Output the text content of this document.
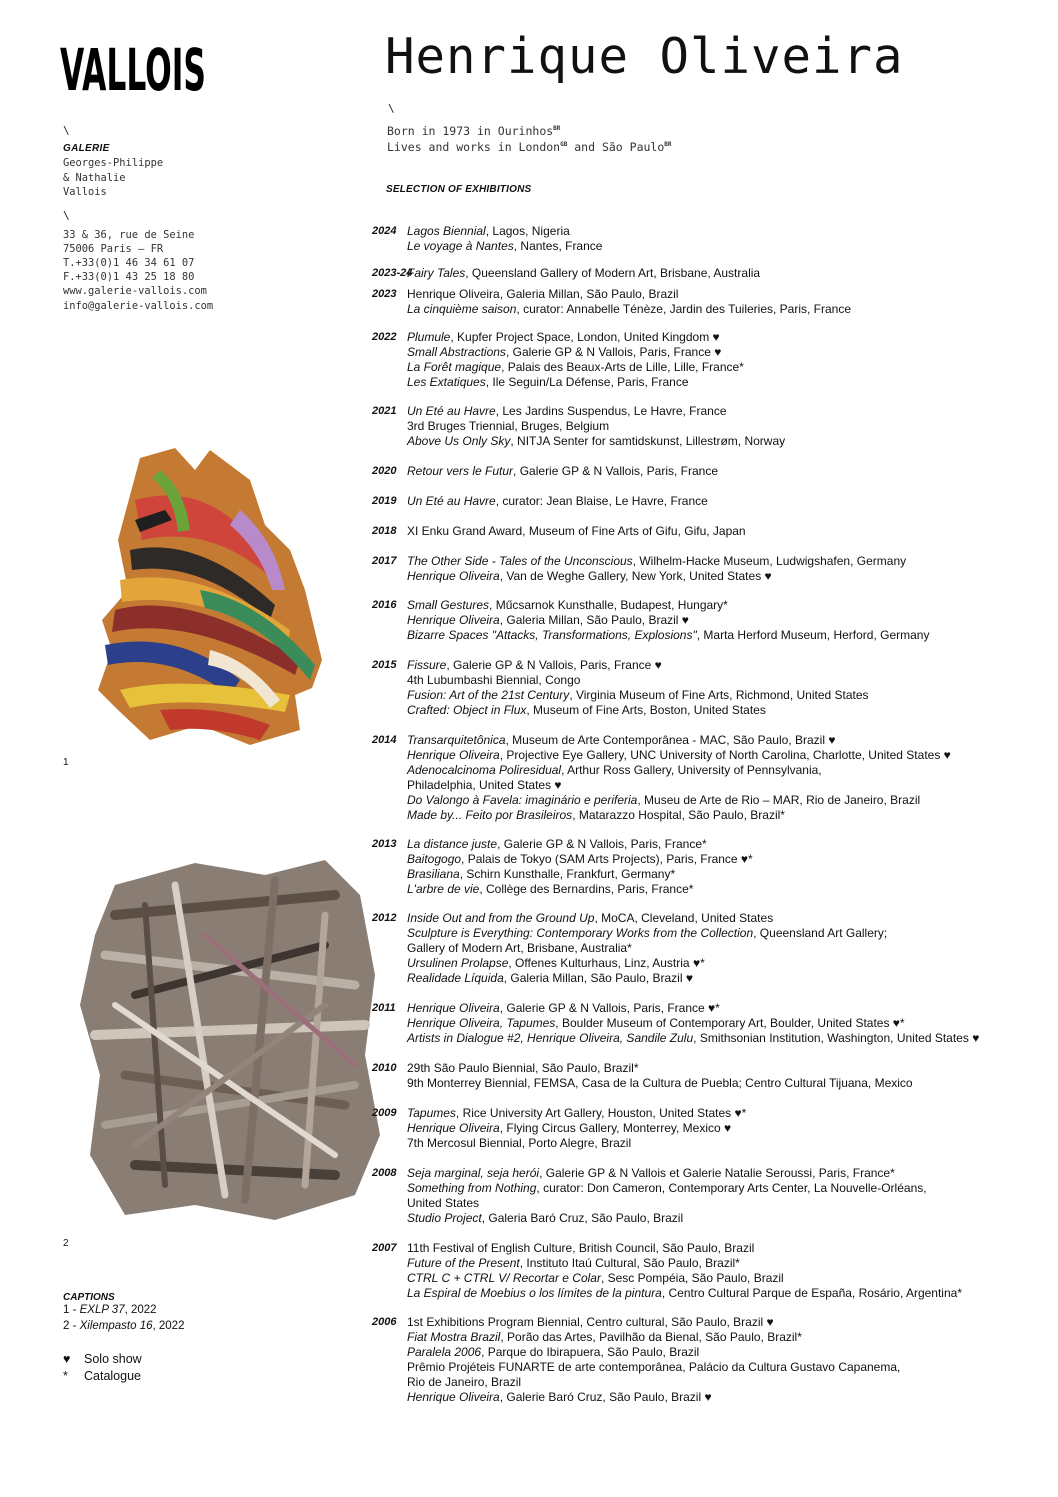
VALLOIS
\
GALERIE
Georges-Philippe
& Nathalie
Vallois
\
33 & 36, rue de Seine
75006 Paris — FR
T.+33(0)1 46 34 61 07
F.+33(0)1 43 25 18 80
www.galerie-vallois.com
info@galerie-vallois.com
1
2
CAPTIONS
1 - EXLP 37, 2022
2 - Xilempasto 16, 2022
♥ Solo show
* Catalogue
Henrique Oliveira
\
Born in 1973 in Ourinhos$^{BR}$
Lives and works in London$^{GB}$ and São Paulo$^{BR}$
SELECTION OF EXHIBITIONS
2024 Lagos Biennial, Lagos, Nigeria
Le voyage à Nantes, Nantes, France
2023-24
Fairy Tales, Queensland Gallery of Modern Art, Brisbane, Australia
2023 Henrique Oliveira, Galeria Millan, São Paulo, Brazil
La cinquième saison, curator: Annabelle Ténèze, Jardin des Tuileries, Paris, France
2022 Plumule, Kupfer Project Space, London, United Kingdom ♥
Small Abstractions, Galerie GP & N Vallois, Paris, France ♥
La Forêt magique, Palais des Beaux-Arts de Lille, Lille, France*
Les Extatiques, Ile Seguin/La Défense, Paris, France
2021 Un Eté au Havre, Les Jardins Suspendus, Le Havre, France
3rd Bruges Triennial, Bruges, Belgium
Above Us Only Sky, NITJA Senter for samtidskunst, Lillestrøm, Norway
2020 Retour vers le Futur, Galerie GP & N Vallois, Paris, France
2019 Un Eté au Havre, curator: Jean Blaise, Le Havre, France
2018 XI Enku Grand Award, Museum of Fine Arts of Gifu, Gifu, Japan
2017 The Other Side - Tales of the Unconscious, Wilhelm-Hacke Museum, Ludwigshafen, Germany
Henrique Oliveira, Van de Weghe Gallery, New York, United States ♥
2016 Small Gestures, Műcsarnok Kunsthalle, Budapest, Hungary*
Henrique Oliveira, Galeria Millan, São Paulo, Brazil ♥
Bizarre Spaces "Attacks, Transformations, Explosions", Marta Herford Museum, Herford, Germany
2015 Fissure, Galerie GP & N Vallois, Paris, France ♥
4th Lubumbashi Biennial, Congo
Fusion: Art of the 21st Century, Virginia Museum of Fine Arts, Richmond, United States
Crafted: Object in Flux, Museum of Fine Arts, Boston, United States
2014 Transarquitetônica, Museum de Arte Contemporânea - MAC, São Paulo, Brazil ♥
Henrique Oliveira, Projective Eye Gallery, UNC University of North Carolina, Charlotte, United States ♥
Adenocalcinoma Poliresidual, Arthur Ross Gallery, University of Pennsylvania,
Philadelphia, United States ♥
Do Valongo à Favela: imaginário e periferia, Museu de Arte de Rio – MAR, Rio de Janeiro, Brazil
Made by... Feito por Brasileiros, Matarazzo Hospital, São Paulo, Brazil*
2013 La distance juste, Galerie GP & N Vallois, Paris, France*
Baitogogo, Palais de Tokyo (SAM Arts Projects), Paris, France ♥*
Brasiliana, Schirn Kunsthalle, Frankfurt, Germany*
L'arbre de vie, Collège des Bernardins, Paris, France*
2012 Inside Out and from the Ground Up, MoCA, Cleveland, United States
Sculpture is Everything: Contemporary Works from the Collection, Queensland Art Gallery;
Gallery of Modern Art, Brisbane, Australia*
Ursulinen Prolapse, Offenes Kulturhaus, Linz, Austria ♥*
Realidade Líquida, Galeria Millan, São Paulo, Brazil ♥
2011 Henrique Oliveira, Galerie GP & N Vallois, Paris, France ♥*
Henrique Oliveira, Tapumes, Boulder Museum of Contemporary Art, Boulder, United States ♥*
Artists in Dialogue #2, Henrique Oliveira, Sandile Zulu, Smithsonian Institution, Washington, United States ♥
2010 29th São Paulo Biennial, São Paulo, Brazil*
9th Monterrey Biennial, FEMSA, Casa de la Cultura de Puebla; Centro Cultural Tijuana, Mexico
2009 Tapumes, Rice University Art Gallery, Houston, United States ♥*
Henrique Oliveira, Flying Circus Gallery, Monterrey, Mexico ♥
7th Mercosul Biennial, Porto Alegre, Brazil
2008 Seja marginal, seja herói, Galerie GP & N Vallois et Galerie Natalie Seroussi, Paris, France*
Something from Nothing, curator: Don Cameron, Contemporary Arts Center, La Nouvelle-Orléans,
United States
Studio Project, Galeria Baró Cruz, São Paulo, Brazil
2007 11th Festival of English Culture, British Council, São Paulo, Brazil
Future of the Present, Instituto Itaú Cultural, São Paulo, Brazil*
CTRL C + CTRL V/ Recortar e Colar, Sesc Pompéia, São Paulo, Brazil
La Espiral de Moebius o los límites de la pintura, Centro Cultural Parque de España, Rosário, Argentina*
2006 1st Exhibitions Program Biennial, Centro cultural, São Paulo, Brazil ♥
Fiat Mostra Brazil, Porão das Artes, Pavilhão da Bienal, São Paulo, Brazil*
Paralela 2006, Parque do Ibirapuera, São Paulo, Brazil
Prêmio Projéteis FUNARTE de arte contemporânea, Palácio da Cultura Gustavo Capanema,
Rio de Janeiro, Brazil
Henrique Oliveira, Galerie Baró Cruz, São Paulo, Brazil ♥
